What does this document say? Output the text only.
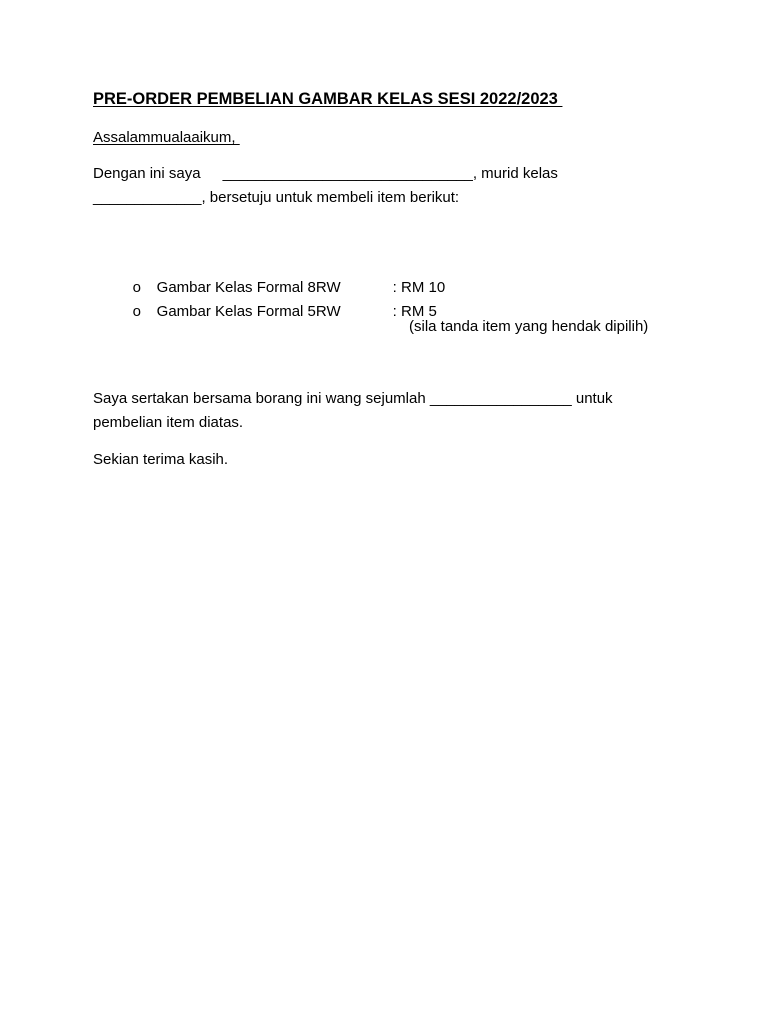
PRE-ORDER PEMBELIAN GAMBAR KELAS SESI 2022/2023
Assalammualaaikum,
Dengan ini saya ______________________________, murid kelas
_____________, bersetuju untuk membeli item berikut:

o Gambar Kelas Formal 8RW	: RM 10

o Gambar Kelas Formal 5RW	: RM 5

(sila tanda item yang hendak dipilih)
Saya sertakan bersama borang ini wang sejumlah _________________ untuk
pembelian item diatas.
Sekian terima kasih.
